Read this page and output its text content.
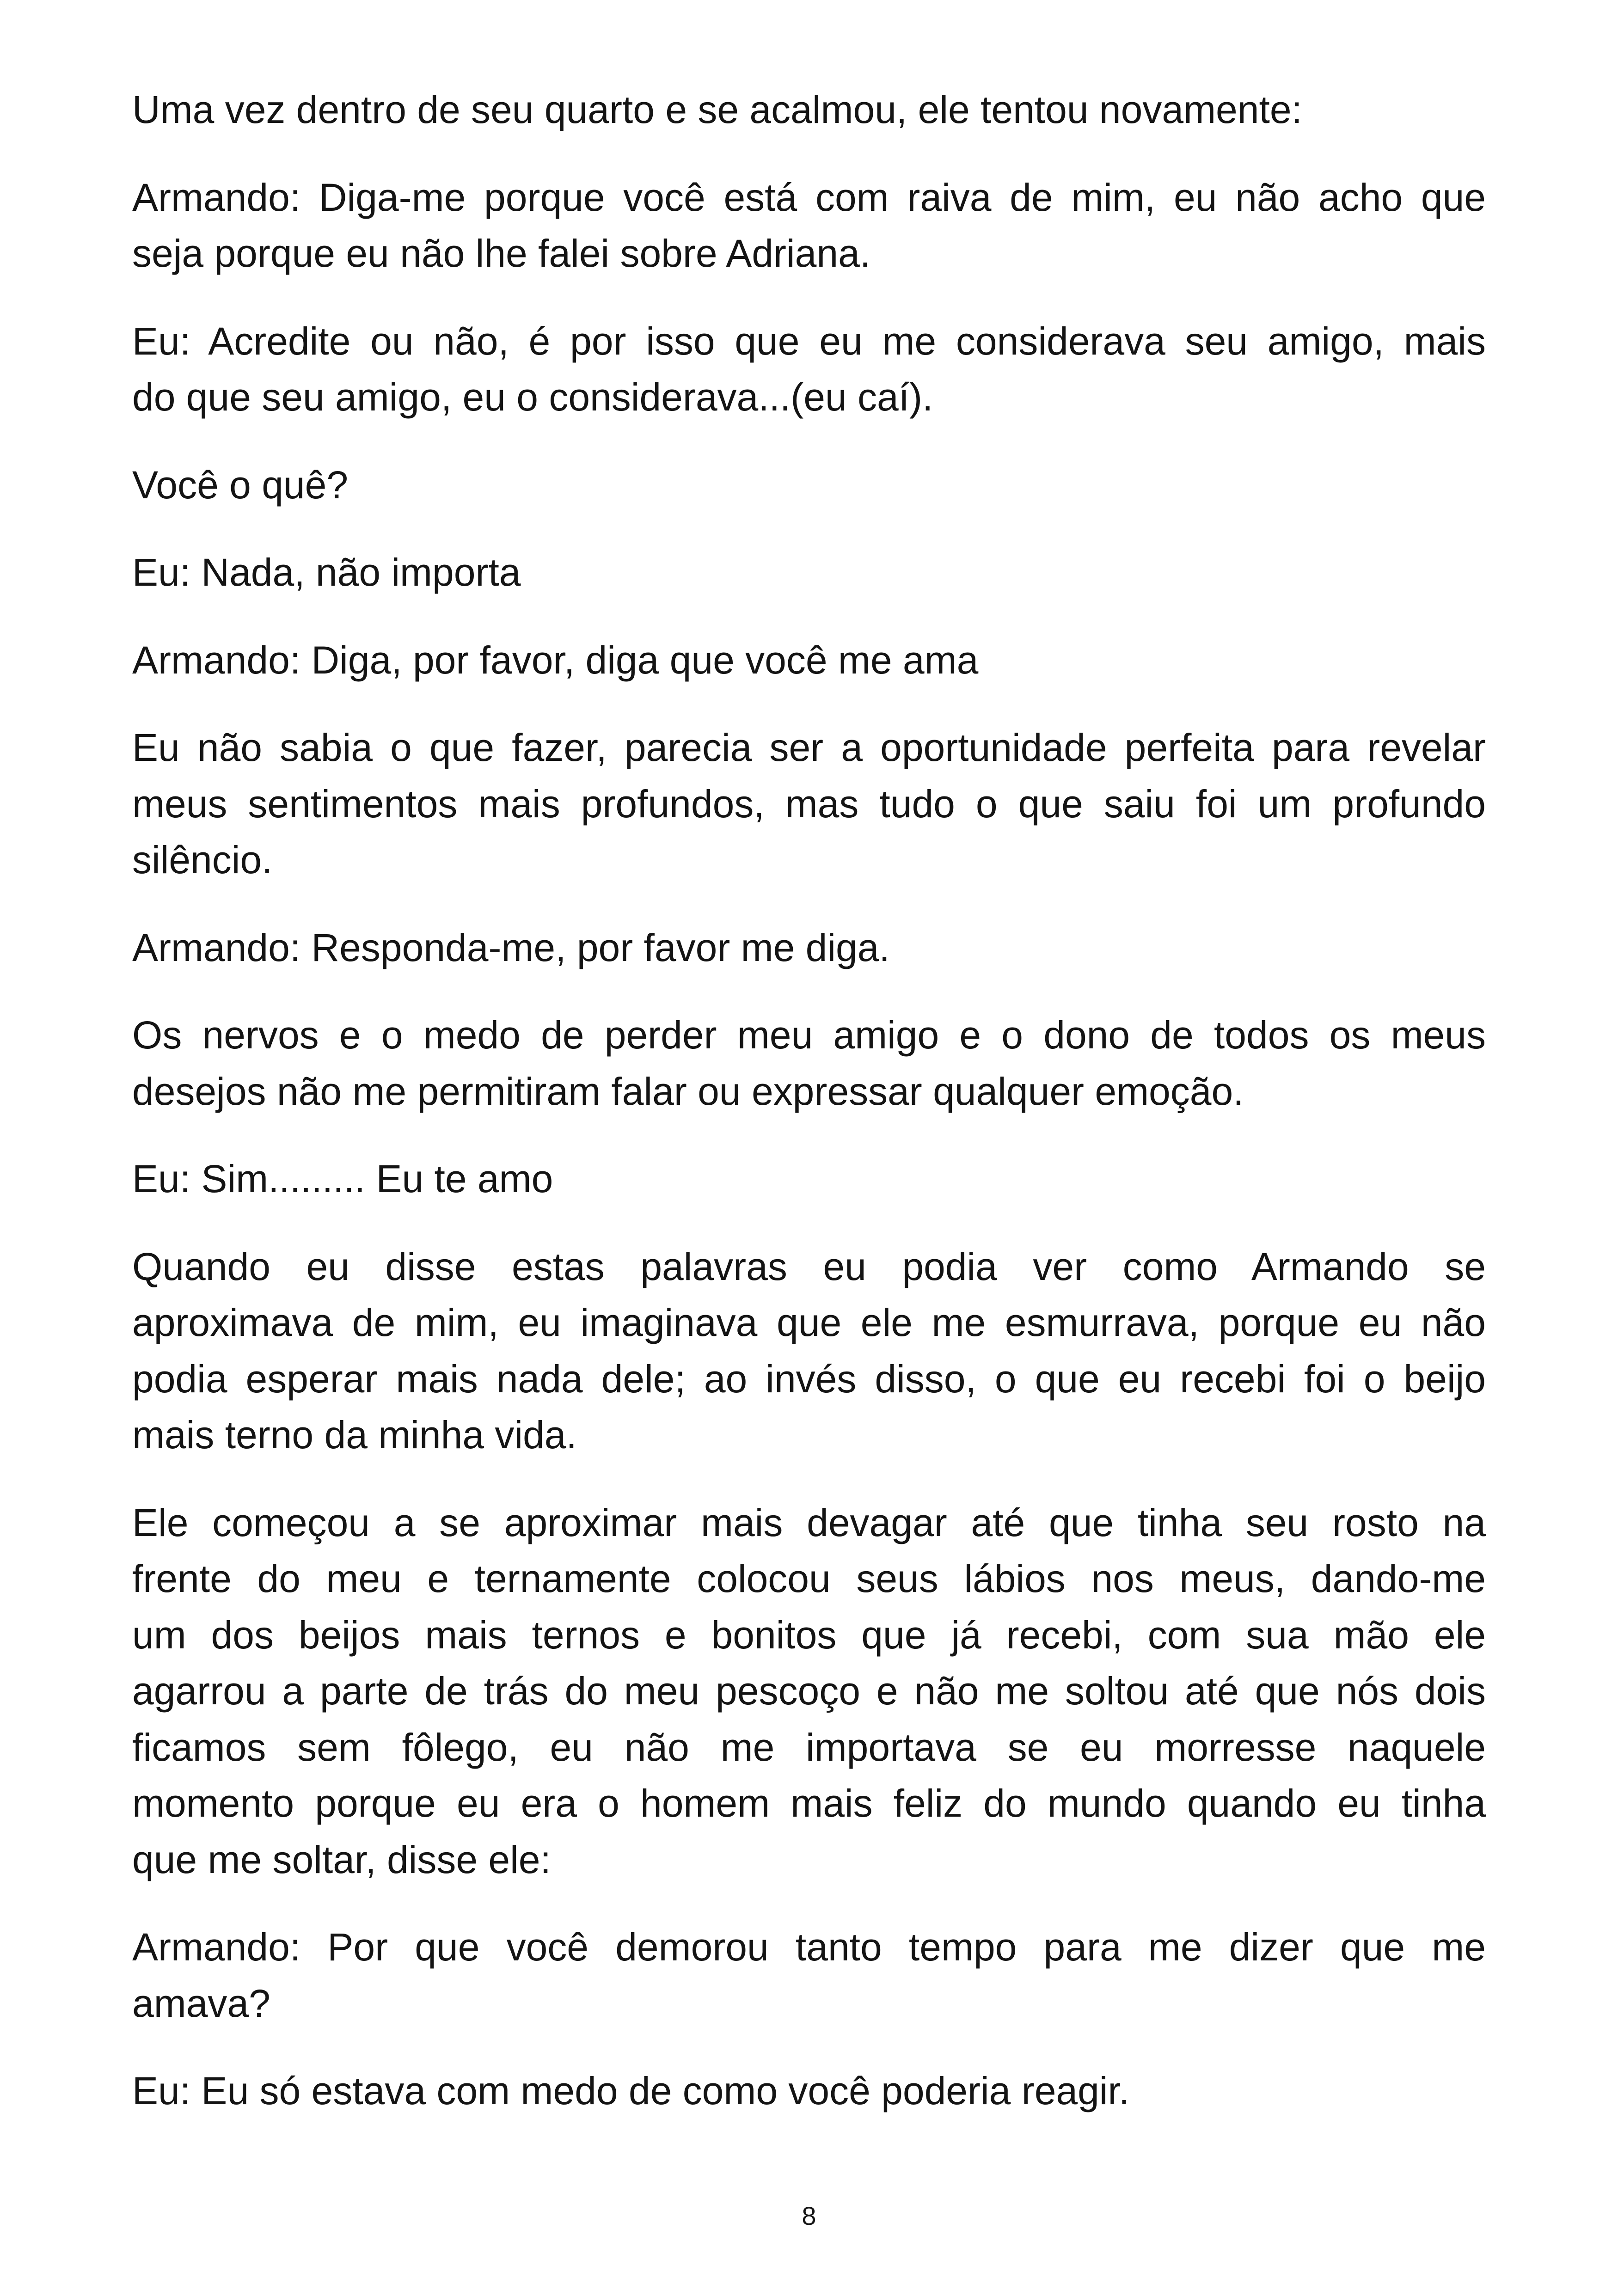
Uma vez dentro de seu quarto e se acalmou, ele tentou novamente:
Armando: Diga-me porque você está com raiva de mim, eu não acho que
seja porque eu não lhe falei sobre Adriana.
Eu: Acredite ou não, é por isso que eu me considerava seu amigo, mais
do que seu amigo, eu o considerava...(eu caí).
Você o quê?
Eu: Nada, não importa
Armando: Diga, por favor, diga que você me ama
Eu não sabia o que fazer, parecia ser a oportunidade perfeita para revelar
meus sentimentos mais profundos, mas tudo o que saiu foi um profundo
silêncio.
Armando: Responda-me, por favor me diga.
Os nervos e o medo de perder meu amigo e o dono de todos os meus
desejos não me permitiram falar ou expressar qualquer emoção.
Eu: Sim......... Eu te amo
Quando eu disse estas palavras eu podia ver como Armando se
aproximava de mim, eu imaginava que ele me esmurrava, porque eu não
podia esperar mais nada dele; ao invés disso, o que eu recebi foi o beijo
mais terno da minha vida.
Ele começou a se aproximar mais devagar até que tinha seu rosto na
frente do meu e ternamente colocou seus lábios nos meus, dando-me
um dos beijos mais ternos e bonitos que já recebi, com sua mão ele
agarrou a parte de trás do meu pescoço e não me soltou até que nós dois
ficamos sem fôlego, eu não me importava se eu morresse naquele
momento porque eu era o homem mais feliz do mundo quando eu tinha
que me soltar, disse ele:
Armando: Por que você demorou tanto tempo para me dizer que me
amava?
Eu: Eu só estava com medo de como você poderia reagir.
8
